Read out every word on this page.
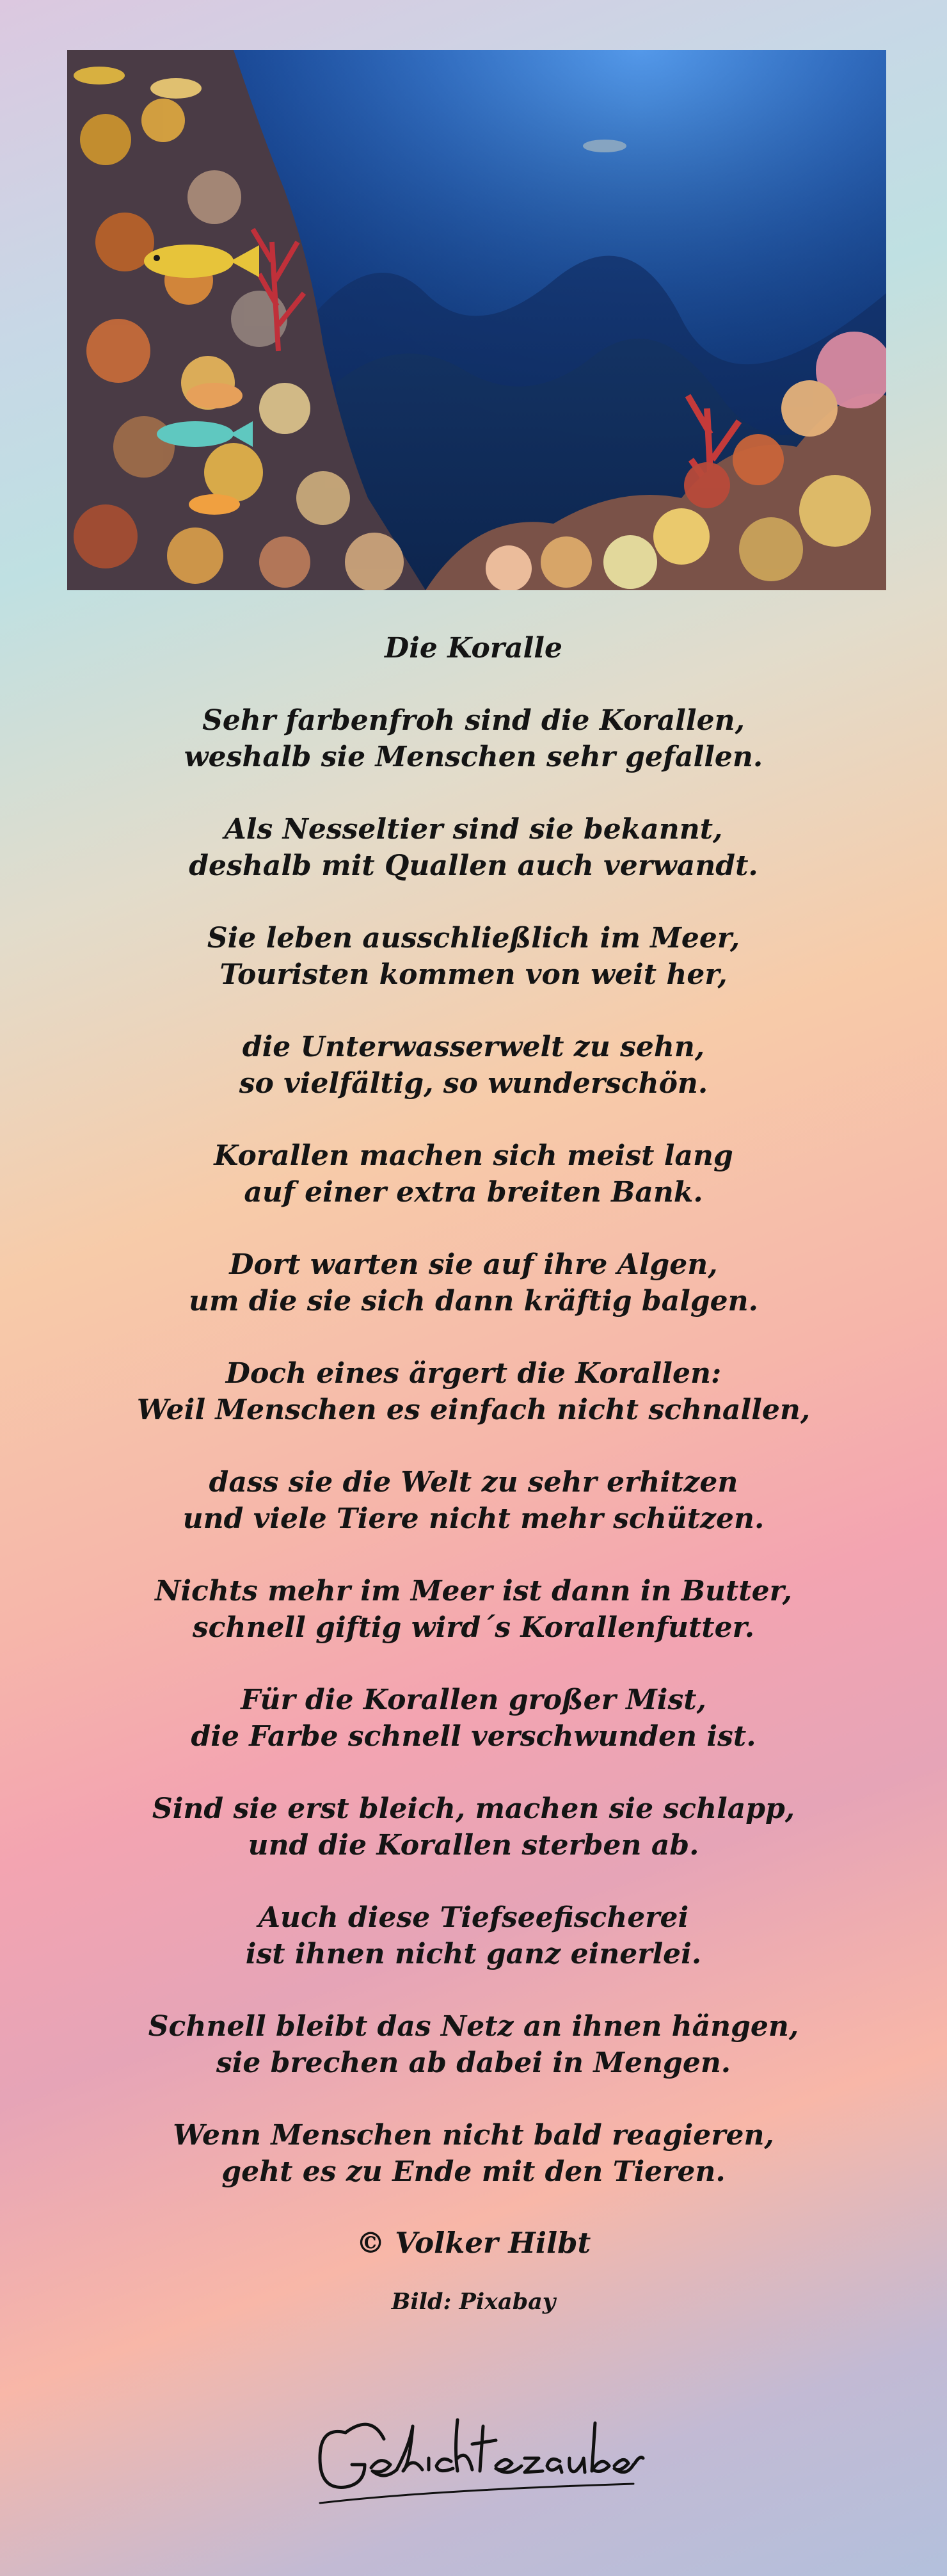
Die Koralle
Sehr farbenfroh sind die Korallen,
weshalb sie Menschen sehr gefallen.
Als Nesseltier sind sie bekannt,
deshalb mit Quallen auch verwandt.
Sie leben ausschließlich im Meer,
Touristen kommen von weit her,
die Unterwasserwelt zu sehn,
so vielfältig, so wunderschön.
Korallen machen sich meist lang
auf einer extra breiten Bank.
Dort warten sie auf ihre Algen,
um die sie sich dann kräftig balgen.
Doch eines ärgert die Korallen:
Weil Menschen es einfach nicht schnallen,
dass sie die Welt zu sehr erhitzen
und viele Tiere nicht mehr schützen.
Nichts mehr im Meer ist dann in Butter,
schnell giftig wird´s Korallenfutter.
Für die Korallen großer Mist,
die Farbe schnell verschwunden ist.
Sind sie erst bleich, machen sie schlapp,
und die Korallen sterben ab.
Auch diese Tiefseefischerei
ist ihnen nicht ganz einerlei.
Schnell bleibt das Netz an ihnen hängen,
sie brechen ab dabei in Mengen.
Wenn Menschen nicht bald reagieren,
geht es zu Ende mit den Tieren.
© Volker Hilbt
Bild: Pixabay
